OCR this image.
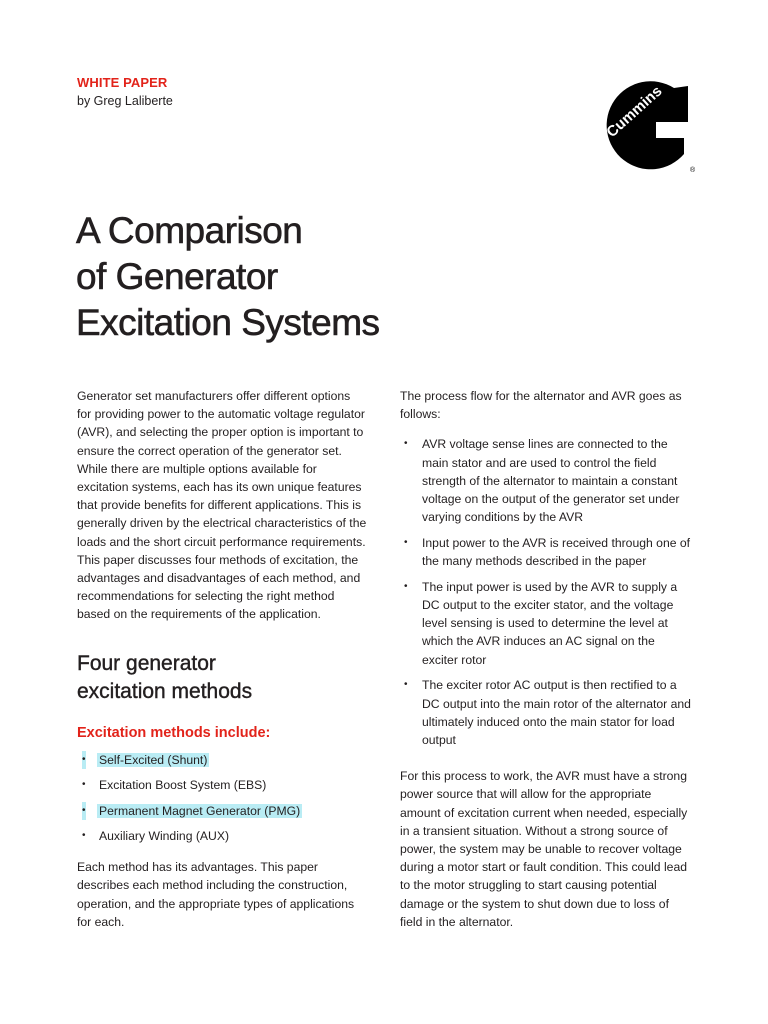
WHITE PAPER
by Greg Laliberte	Cummins
®
A Comparison
of Generator
Excitation Systems

Generator set manufacturers offer different options for providing power to the automatic voltage regulator (AVR), and selecting the proper option is important to ensure the correct operation of the generator set. While there are multiple options available for excitation systems, each has its own unique features that provide benefits for different applications. This is generally driven by the electrical characteristics of the loads and the short circuit performance requirements. This paper discusses four methods of excitation, the advantages and disadvantages of each method, and recommendations for selecting the right method based on the requirements of the application.

Four generator
excitation methods
Excitation methods include:
• Self-Excited (Shunt)
• Excitation Boost System (EBS)
• Permanent Magnet Generator (PMG)
• Auxiliary Winding (AUX)

Each method has its advantages. This paper describes each method including the construction, operation, and the appropriate types of applications for each.

The process flow for the alternator and AVR goes as follows:

• AVR voltage sense lines are connected to the main stator and are used to control the field strength of the alternator to maintain a constant voltage on the output of the generator set under varying conditions by the AVR
• Input power to the AVR is received through one of the many methods described in the paper
• The input power is used by the AVR to supply a DC output to the exciter stator, and the voltage level sensing is used to determine the level at which the AVR induces an AC signal on the exciter rotor
• The exciter rotor AC output is then rectified to a DC output into the main rotor of the alternator and ultimately induced onto the main stator for load output

For this process to work, the AVR must have a strong power source that will allow for the appropriate amount of excitation current when needed, especially in a transient situation. Without a strong source of power, the system may be unable to recover voltage during a motor start or fault condition. This could lead to the motor struggling to start causing potential damage or the system to shut down due to loss of field in the alternator.
